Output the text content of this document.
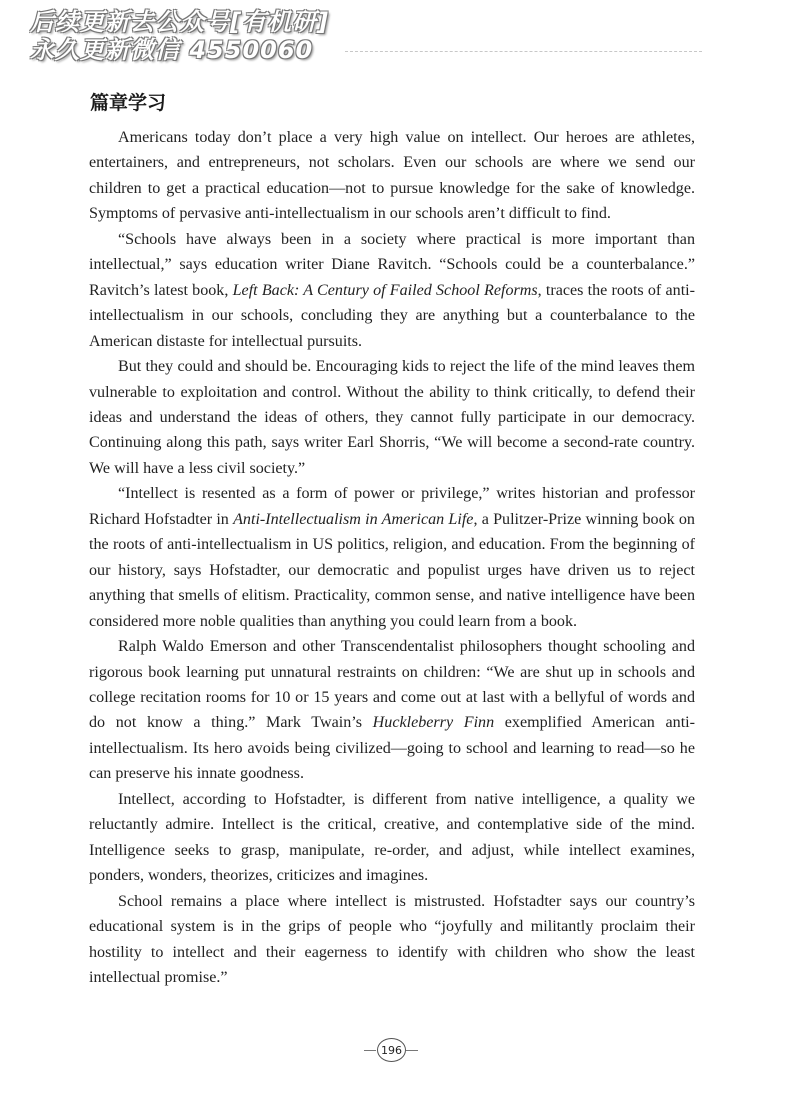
后续更新去公众号[有机研]
永久更新微信 4550060
篇章学习

Americans today don’t place a very high value on intellect. Our heroes are athletes, entertainers, and entrepreneurs, not scholars. Even our schools are where we send our children to get a practical education—not to pursue knowledge for the sake of knowledge. Symptoms of pervasive anti-intellectualism in our schools aren’t difficult to find.

“Schools have always been in a society where practical is more important than intellectual,” says education writer Diane Ravitch. “Schools could be a counterbalance.” Ravitch’s latest book, Left Back: A Century of Failed School Reforms, traces the roots of anti-intellectualism in our schools, concluding they are anything but a counterbalance to the American distaste for intellectual pursuits.

But they could and should be. Encouraging kids to reject the life of the mind leaves them vulnerable to exploitation and control. Without the ability to think critically, to defend their ideas and understand the ideas of others, they cannot fully participate in our democracy. Continuing along this path, says writer Earl Shorris, “We will become a second-rate country. We will have a less civil society.”

“Intellect is resented as a form of power or privilege,” writes historian and professor Richard Hofstadter in Anti-Intellectualism in American Life, a Pulitzer-Prize winning book on the roots of anti-intellectualism in US politics, religion, and education. From the beginning of our history, says Hofstadter, our democratic and populist urges have driven us to reject anything that smells of elitism. Practicality, common sense, and native intelligence have been considered more noble qualities than anything you could learn from a book.

Ralph Waldo Emerson and other Transcendentalist philosophers thought schooling and rigorous book learning put unnatural restraints on children: “We are shut up in schools and college recitation rooms for 10 or 15 years and come out at last with a bellyful of words and do not know a thing.” Mark Twain’s Huckleberry Finn exemplified American anti-intellectualism. Its hero avoids being civilized—going to school and learning to read—so he can preserve his innate goodness.

Intellect, according to Hofstadter, is different from native intelligence, a quality we reluctantly admire. Intellect is the critical, creative, and contemplative side of the mind. Intelligence seeks to grasp, manipulate, re-order, and adjust, while intellect examines, ponders, wonders, theorizes, criticizes and imagines.

School remains a place where intellect is mistrusted. Hofstadter says our country’s educational system is in the grips of people who “joyfully and militantly proclaim their hostility to intellect and their eagerness to identify with children who show the least intellectual promise.”

196
